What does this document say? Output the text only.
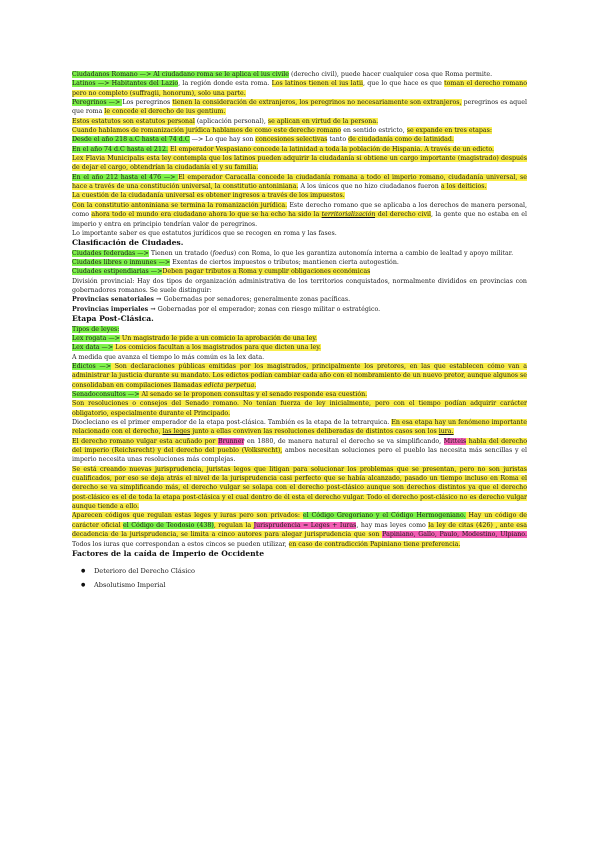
Ciudadanos Romano —> Al ciudadano roma se le aplica el ius civile (derecho civil), puede hacer cualquier cosa que Roma permite.

Latinos —> Habitantes del Lazio, la región donde esta roma. Los latinos tienen el ius latii, que lo que hace es que toman el derecho romano pero no completo (suffragii, honorum), solo una parte.

Peregrinos —> Los peregrinos tienen la consideración de extranjeros, los peregrinos no necesariamente son extranjeros, peregrinos es aquel que roma le concede el derecho de ius gentium.

Estos estatutos son estatutos personal (aplicación personal), se aplican en virtud de la persona.

Cuando hablamos de romanización jurídica hablamos de como este derecho romano en sentido estricto, se expande en tres etapas:

Desde el año 218 a.C hasta el 74 d.C —> Lo que hay son concesiones selectivas tanto de ciudadanía como de latinidad.

En el año 74 d.C hasta el 212. El emperador Vespasiano concede la latinidad a toda la población de Hispania. A través de un edicto.

Lex Flavia Municipalis esta ley contempla que los latinos pueden adquirir la ciudadanía si obtiene un cargo importante (magistrado) después de dejar el cargo, obtendrían la ciudadanía el y su familia.

En el año 212 hasta el 476 —> El emperador Caracalla concede la ciudadanía romana a todo el imperio romano, ciudadanía universal, se hace a través de una constitución universal, la constitutio antoniniana. A los únicos que no hizo ciudadanos fueron a los deiticios.

La cuestión de la ciudadanía universal es obtener ingresos a través de los impuestos.

Con la constitutio antoniniana se termina la romanización jurídica. Este derecho romano que se aplicaba a los derechos de manera personal, como ahora todo el mundo era ciudadano ahora lo que se ha echo ha sido la territorialización del derecho civil, la gente que no estaba en el imperio y entra en principio tendrían valor de peregrinos.

Lo importante saber es que estatutos jurídicos que se recogen en roma y las fases.

Clasificación de Ciudades.

Ciudades federadas —> Tienen un tratado (foedus) con Roma, lo que les garantiza autonomía interna a cambio de lealtad y apoyo militar.

Ciudades libres o inmunes —> Exentas de ciertos impuestos o tributos; mantienen cierta autogestión.

Ciudades estipendiarias —>Deben pagar tributos a Roma y cumplir obligaciones económicas

División provincial: Hay dos tipos de organización administrativa de los territorios conquistados, normalmente divididos en provincias con gobernadores romanos. Se suele distinguir:

Provincias senatoriales → Gobernadas por senadores; generalmente zonas pacíficas.

Provincias imperiales → Gobernadas por el emperador; zonas con riesgo militar o estratégico.

Etapa Post-Clásica.

Tipos de leyes:

Lex rogata —> Un magistrado le pide a un comicio la aprobación de una ley.

Lex data —> Los comicios facultan a los magistrados para que dicten una ley.

A medida que avanza el tiempo lo más común es la lex data.

Edictos —> Son declaraciones públicas emitidas por los magistrados, principalmente los pretores, en las que establecen cómo van a administrar la justicia durante su mandato. Los edictos podían cambiar cada año con el nombramiento de un nuevo pretor, aunque algunos se consolidaban en compilaciones llamadas edicta perpetua.

Senadoconsultos —> Al senado se le proponen consultas y el senado responde esa cuestión.

Son resoluciones o consejos del Senado romano. No tenían fuerza de ley inicialmente, pero con el tiempo podían adquirir carácter obligatorio, especialmente durante el Principado.

Diocleciano es el primer emperador de la etapa post-clásica. También es la etapa de la tetrarquica. En esa etapa hay un fenómeno importante relacionado con el derecho, las leges junto a ellas conviven las resoluciones deliberadas de distintos casos son los iura.

El derecho romano vulgar esta acuñado por Brunner en 1880, de manera natural el derecho se va simplificando, Mitteis habla del derecho del imperio (Reichsrecht) y del derecho del pueblo (Volksrecht), ambos necesitan soluciones pero el pueblo las necesita más sencillas y el imperio necesita unas resoluciones más complejas.

Se está creando nuevas jurisprudencia, juristas legos que litigan para solucionar los problemas que se presentan, pero no son juristas cualificados, por eso se deja atrás el nivel de la jurisprudencia casi perfecto que se había alcanzado, pasado un tiempo incluso en Roma el derecho se va simplificando más, el derecho vulgar se solapa con el derecho post-clásico aunque son derechos distintos ya que el derecho post-clásico es el de toda la etapa post-clásica y el cual dentro de él esta el derecho vulgar. Todo el derecho post-clásico no es derecho vulgar aunque tiende a ello.

Aparecen códigos que regulan estas leges y iuras pero son privados: el Código Gregoriano y el Código Hermogeniano. Hay un código de carácter oficial el Código de Teodosio (438), regulan la Jurisprudencia = Leges + Iuras, hay mas leyes como la ley de citas (426) , ante esa decadencia de la jurisprudencia, se limita a cinco autores para alegar jurisprudencia que son Papiniano, Gallo, Paulo, Modestino, Ulpiano. Todos los iuras que correspondan a estos cincos se pueden utilizar, en caso de contradicción Papiniano tiene preferencia.

Factores de la caída de Imperio de Occidente

● Deterioro del Derecho Clásico
● Absolutismo Imperial
